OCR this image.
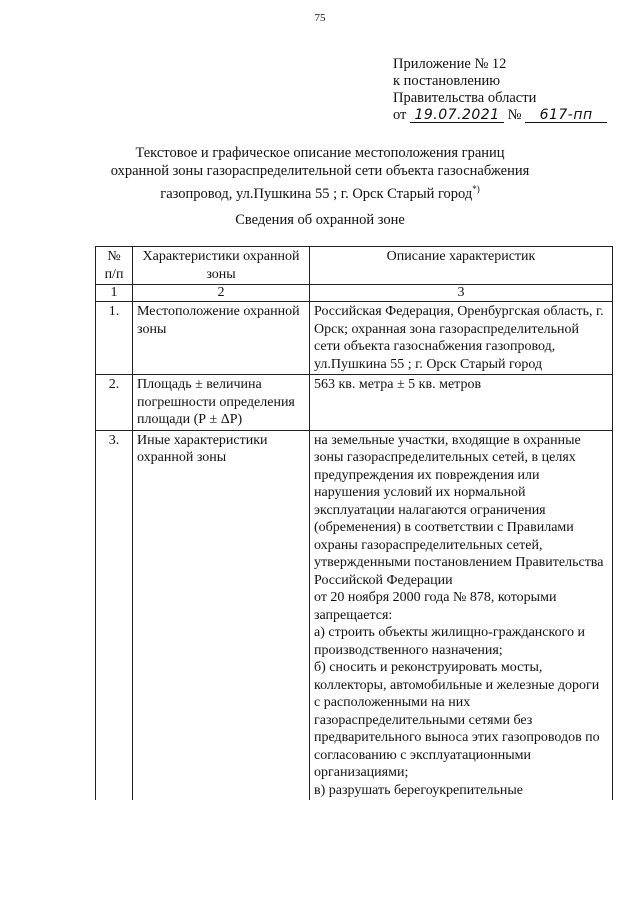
75
Приложение № 12
к постановлению
Правительства области
от 19.07.2021 № 617-пп
Текстовое и графическое описание местоположения границ
охранной зоны газораспределительной сети объекта газоснабжения
газопровод, ул.Пушкина 55 ; г. Орск Старый город*)
Сведения об охранной зоне
№ п/п	Характеристики охранной зоны	Описание характеристик
1	2	3
1.	Местоположение охранной зоны	Российская Федерация, Оренбургская область, г. Орск; охранная зона газораспределительной сети объекта газоснабжения газопровод, ул.Пушкина 55 ; г. Орск Старый город

2.	Площадь ± величина погрешности определения площади (Р ± ΔР)	563 кв. метра ± 5 кв. метров

3.	Иные характеристики охранной зоны	на земельные участки, входящие в охранные зоны газораспределительных сетей, в целях предупреждения их повреждения или нарушения условий их нормальной эксплуатации налагаются ограничения (обременения) в соответствии с Правилами охраны газораспределительных сетей, утвержденными постановлением Правительства Российской Федерации

от 20 ноября 2000 года № 878, которыми запрещается:

а) строить объекты жилищно-гражданского и производственного назначения;

б) сносить и реконструировать мосты, коллекторы, автомобильные и железные дороги с расположенными на них газораспределительными сетями без предварительного выноса этих газопроводов по согласованию с эксплуатационными организациями;

в) разрушать берегоукрепительные
